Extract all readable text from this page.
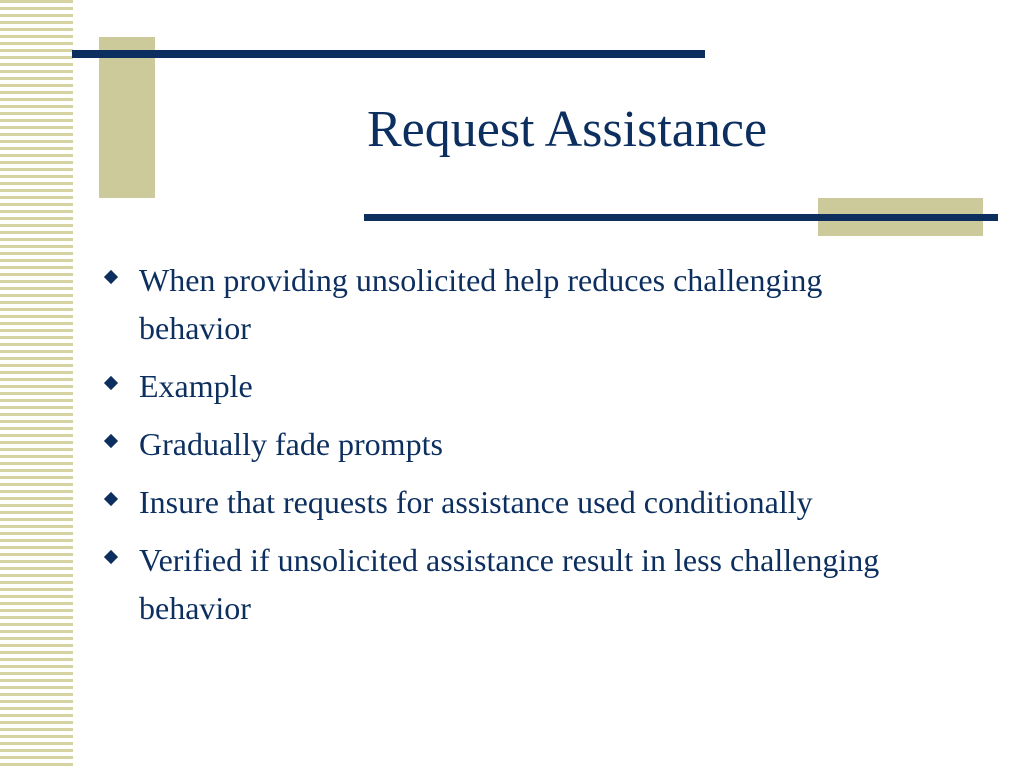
Request Assistance
When providing unsolicited help reduces challenging behavior
Example
Gradually fade prompts
Insure that requests for assistance used conditionally
Verified if unsolicited assistance result in less challenging behavior
